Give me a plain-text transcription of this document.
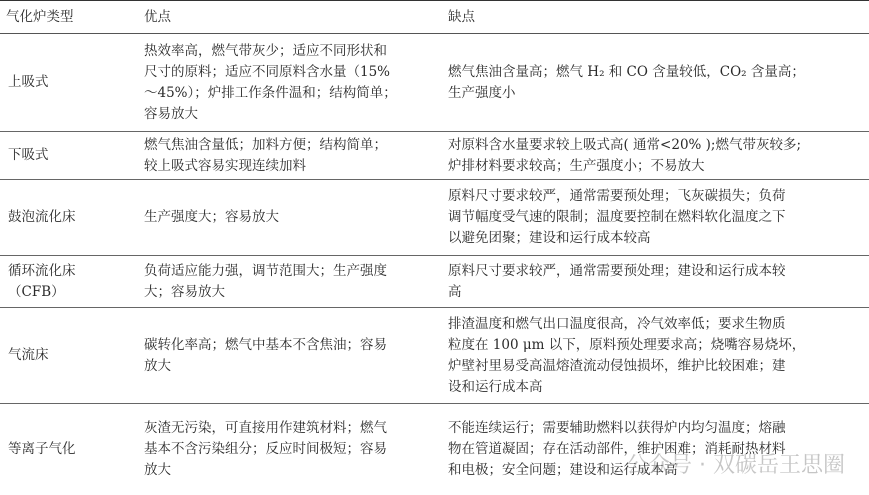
气化炉类型	优点	缺点
上吸式	热效率高，燃气带灰少；适应不同形状和
尺寸的原料；适应不同原料含水量（15%
～45%）；炉排工作条件温和；结构简单；
容易放大	燃气焦油含量高；燃气 H₂ 和 CO 含量较低，CO₂ 含量高；
生产强度小

下吸式	燃气焦油含量低；加料方便；结构简单；
较上吸式容易实现连续加料	对原料含水量要求较上吸式高( 通常<20% );燃气带灰较多;
炉排材料要求较高；生产强度小；不易放大

鼓泡流化床	生产强度大；容易放大	原料尺寸要求较严，通常需要预处理；飞灰碳损失；负荷
调节幅度受气速的限制；温度要控制在燃料软化温度之下
以避免团聚；建设和运行成本较高

循环流化床
（CFB）	负荷适应能力强，调节范围大；生产强度
大；容易放大	原料尺寸要求较严，通常需要预处理；建设和运行成本较
高

气流床	碳转化率高；燃气中基本不含焦油；容易
放大	排渣温度和燃气出口温度很高，冷气效率低；要求生物质
粒度在 100 μm 以下，原料预处理要求高；烧嘴容易烧坏，
炉壁衬里易受高温熔渣流动侵蚀损坏，维护比较困难；建
设和运行成本高

等离子气化	灰渣无污染，可直接用作建筑材料；燃气
基本不含污染组分；反应时间极短；容易
放大	不能连续运行；需要辅助燃料以获得炉内均匀温度；熔融
物在管道凝固；存在活动部件，维护困难；消耗耐热材料
和电极；安全问题；建设和运行成本高
公众号 · 双碳岳王思圈
